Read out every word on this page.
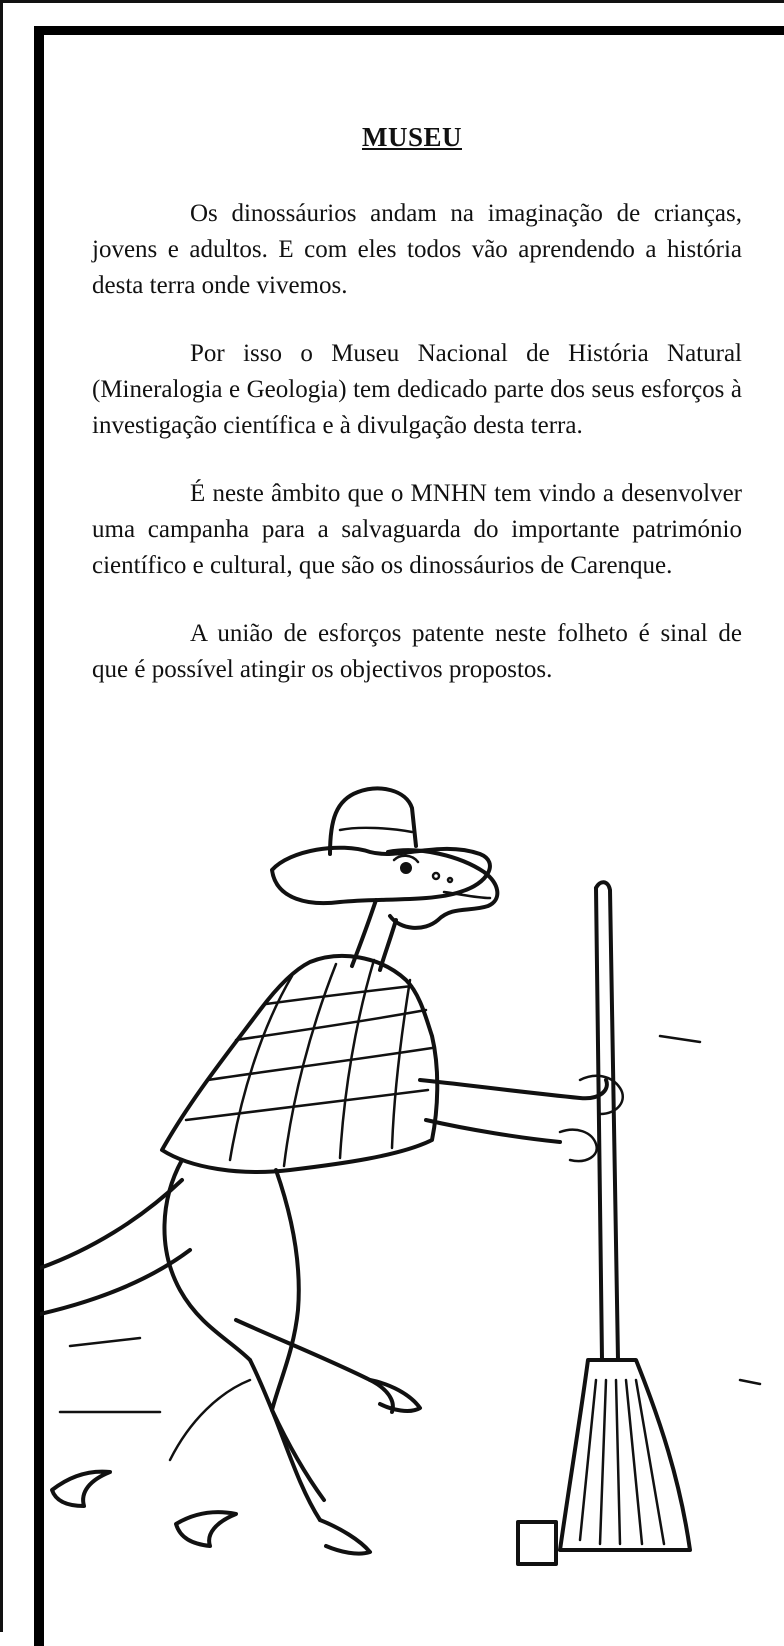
MUSEU

Os dinossáurios andam na imaginação de crianças, jovens e adultos. E com eles todos vão aprendendo a história desta terra onde vivemos.

Por isso o Museu Nacional de História Natural (Mineralogia e Geologia) tem dedicado parte dos seus esforços à investigação científica e à divulgação desta terra.

É neste âmbito que o MNHN tem vindo a desenvolver uma campanha para a salvaguarda do importante património científico e cultural, que são os dinossáurios de Carenque.

A união de esforços patente neste folheto é sinal de que é possível atingir os objectivos propostos.
